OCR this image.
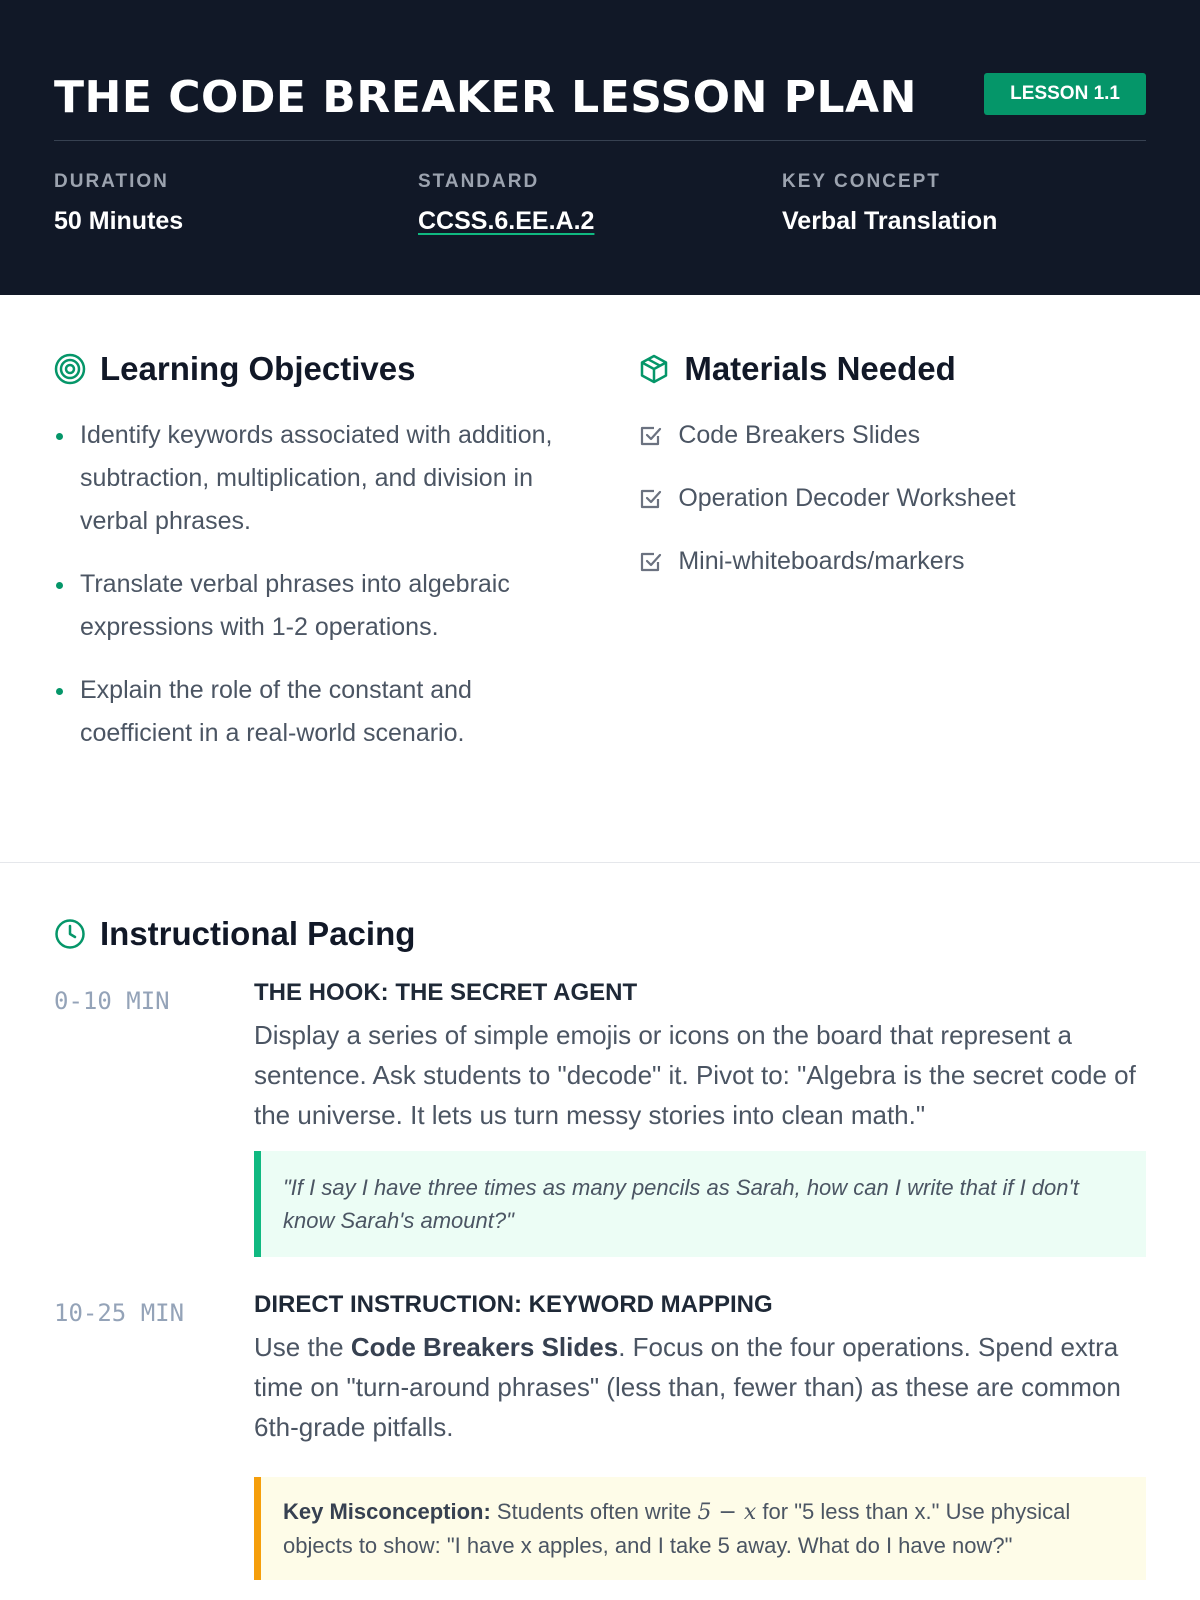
THE CODE BREAKER LESSON PLAN	LESSON 1.1
DURATION
50 Minutes
STANDARD
CCSS.6.EE.A.2
KEY CONCEPT
Verbal Translation
Learning Objectives
Identify keywords associated with addition, subtraction, multiplication, and division in verbal phrases.
Translate verbal phrases into algebraic expressions with 1-2 operations.
Explain the role of the constant and coefficient in a real-world scenario.
Materials Needed
Code Breakers Slides
Operation Decoder Worksheet
Mini-whiteboards/markers
Instructional Pacing
0-10 MIN	THE HOOK: THE SECRET AGENT

Display a series of simple emojis or icons on the board that represent a sentence. Ask students to "decode" it. Pivot to: "Algebra is the secret code of the universe. It lets us turn messy stories into clean math."

"If I say I have three times as many pencils as Sarah, how can I write that if I don't know Sarah's amount?"
10-25 MIN	DIRECT INSTRUCTION: KEYWORD MAPPING

Use the Code Breakers Slides. Focus on the four operations. Spend extra time on "turn-around phrases" (less than, fewer than) as these are common 6th-grade pitfalls.

Key Misconception: Students often write 5 − x for "5 less than x." Use physical objects to show: "I have x apples, and I take 5 away. What do I have now?"
